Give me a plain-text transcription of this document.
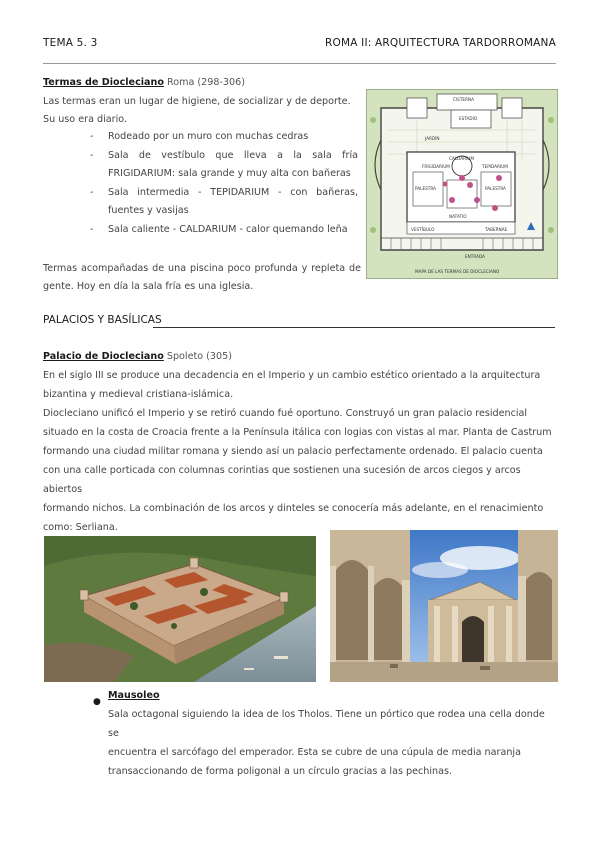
TEMA 5. 3	ROMA II: ARQUITECTURA TARDORROMANA
Termas de Diocleciano Roma (298-306)
Las termas eran un lugar de higiene, de socializar y de deporte.
Su uso era diario.
-	Rodeado por un muro con muchas cedras
-	Sala de vestíbulo que lleva a la sala fría
FRIGIDARIUM: sala grande y muy alta con bañeras
-	Sala intermedia - TEPIDARIUM - con bañeras,
fuentes y vasijas
-	Sala caliente - CALDARIUM - calor quemando leña
Termas acompañadas de una piscina poco profunda y repleta de
gente. Hoy en día la sala fría es una iglesia.
CISTERNA
ESTADIO
JARDÍN
CALDARIUM
FRIGIDARIUM	TEPIDARIUM
PALESTRA	PALESTRA
NATATIO
VESTÍBULO	TABERNAE
ENTRADA
MAPA DE LAS TERMAS DE DIOCLECIANO
PALACIOS Y BASÍLICAS
Palacio de Diocleciano Spoleto (305)
En el siglo III se produce una decadencia en el Imperio y un cambio estético orientado a la arquitectura
bizantina y medieval cristiana-islámica.
Diocleciano unificó el Imperio y se retiró cuando fué oportuno. Construyó un gran palacio residencial
situado en la costa de Croacia frente a la Península itálica con logias con vistas al mar. Planta de Castrum
formando una ciudad militar romana y siendo así un palacio perfectamente ordenado. El palacio cuenta
con una calle porticada con columnas corintias que sostienen una sucesión de arcos ciegos y arcos abiertos
formando nichos. La combinación de los arcos y dinteles se conocería más adelante, en el renacimiento
como: Serliana.
●
Mausoleo
Sala octagonal siguiendo la idea de los Tholos. Tiene un pórtico que rodea una cella donde se
encuentra el sarcófago del emperador. Esta se cubre de una cúpula de media naranja
transaccionando de forma poligonal a un círculo gracias a las pechinas.
